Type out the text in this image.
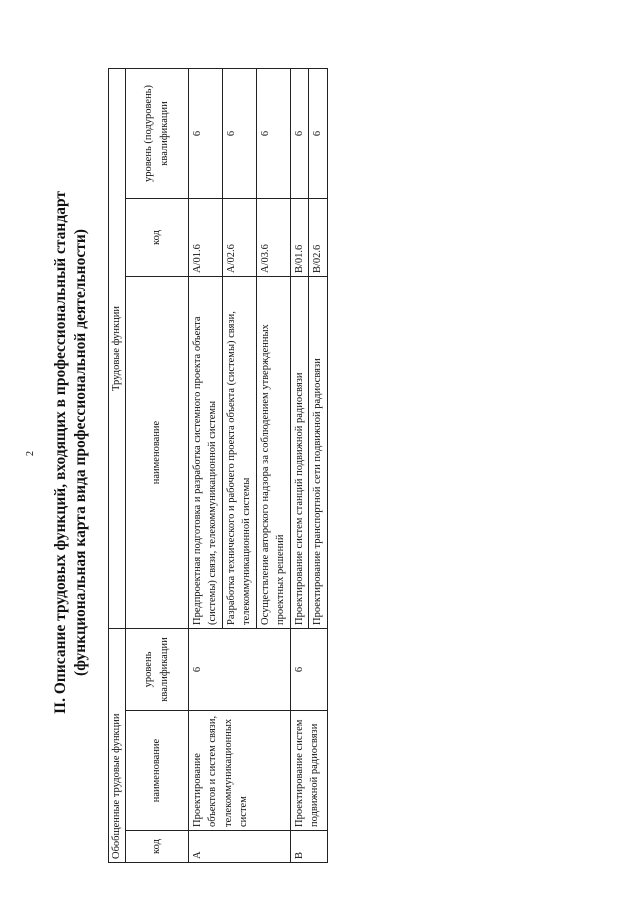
2 II. Описание трудовых функций, входящих в профессиональный стандарт (функциональная карта вида профессиональной деятельности)
Обобщенные трудовые функции			Трудовые функции		
код	наименование	уровень квалификации	наименование	код	уровень (подуровень) квалификации
A	Проектирование объектов и систем связи, телекоммуникационных систем	6	Предпроектная подготовка и разработка системного проекта объекта (системы) связи, телекоммуникационной системы	A/01.6	6
			Разработка технического и рабочего проекта объекта (системы) связи, телекоммуникационной системы	A/02.6	6
			Осуществление авторского надзора за соблюдением утвержденных проектных решений	A/03.6	6
B	Проектирование систем подвижной радиосвязи	6	Проектирование систем станций подвижной радиосвязи	B/01.6	6
			Проектирование транспортной сети подвижной радиосвязи	B/02.6	6
